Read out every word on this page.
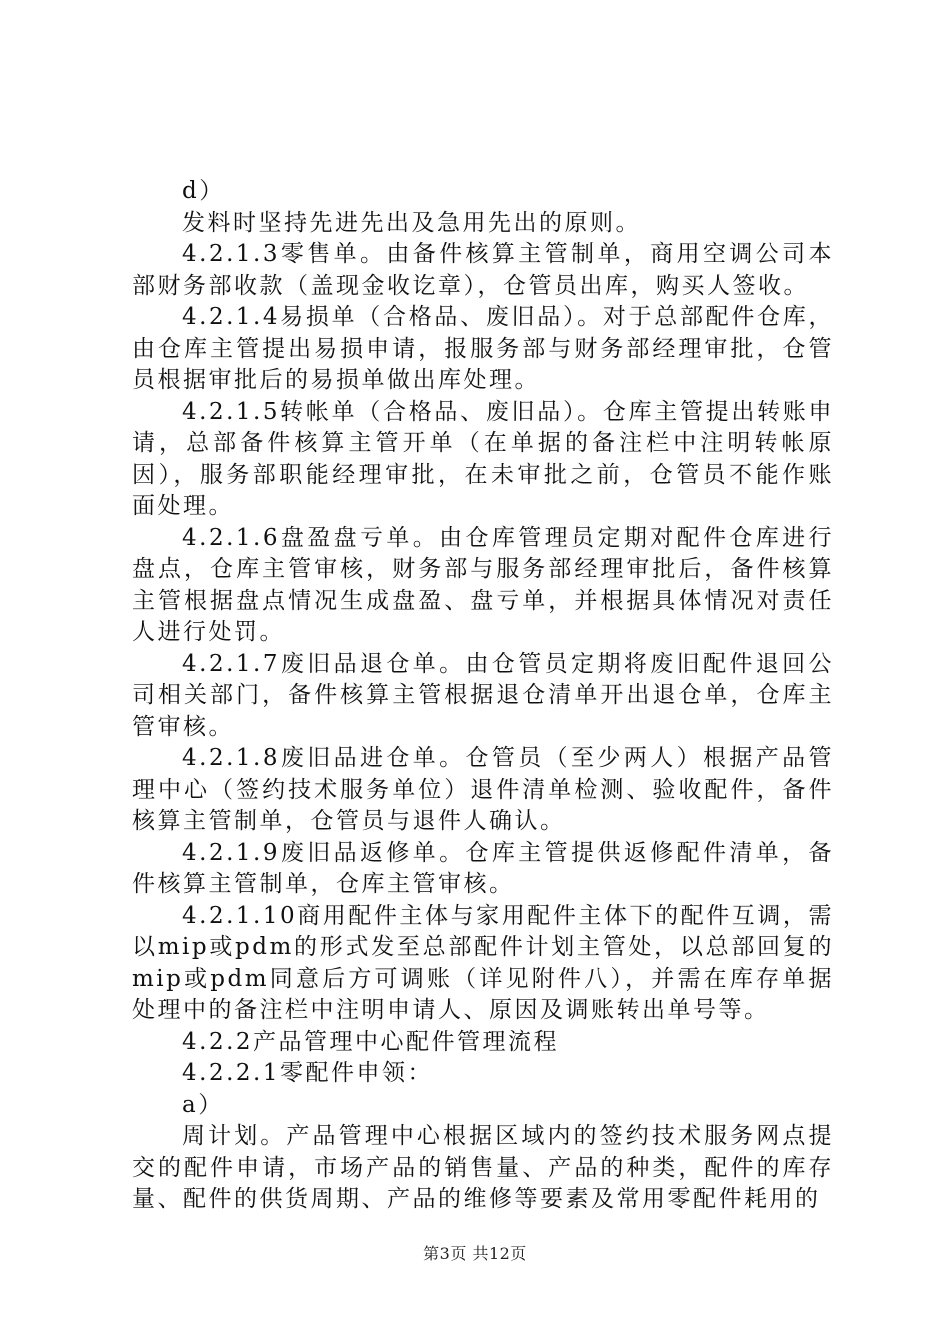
d）

发料时坚持先进先出及急用先出的原则。

4.2.1.3零售单。由备件核算主管制单，商用空调公司本部财务部收款（盖现金收讫章），仓管员出库，购买人签收。

4.2.1.4易损单（合格品、废旧品）。对于总部配件仓库，由仓库主管提出易损申请，报服务部与财务部经理审批，仓管员根据审批后的易损单做出库处理。

4.2.1.5转帐单（合格品、废旧品）。仓库主管提出转账申请，总部备件核算主管开单（在单据的备注栏中注明转帐原因），服务部职能经理审批，在未审批之前，仓管员不能作账面处理。

4.2.1.6盘盈盘亏单。由仓库管理员定期对配件仓库进行盘点，仓库主管审核，财务部与服务部经理审批后，备件核算主管根据盘点情况生成盘盈、盘亏单，并根据具体情况对责任人进行处罚。

4.2.1.7废旧品退仓单。由仓管员定期将废旧配件退回公司相关部门，备件核算主管根据退仓清单开出退仓单，仓库主管审核。

4.2.1.8废旧品进仓单。仓管员（至少两人）根据产品管理中心（签约技术服务单位）退件清单检测、验收配件，备件核算主管制单，仓管员与退件人确认。

4.2.1.9废旧品返修单。仓库主管提供返修配件清单，备件核算主管制单，仓库主管审核。

4.2.1.10商用配件主体与家用配件主体下的配件互调，需以mip或pdm的形式发至总部配件计划主管处，以总部回复的mip或pdm同意后方可调账（详见附件八），并需在库存单据处理中的备注栏中注明申请人、原因及调账转出单号等。

4.2.2产品管理中心配件管理流程

4.2.2.1零配件申领：

a）

周计划。产品管理中心根据区域内的签约技术服务网点提交的配件申请，市场产品的销售量、产品的种类，配件的库存量、配件的供货周期、产品的维修等要素及常用零配件耗用的

第3页 共12页
